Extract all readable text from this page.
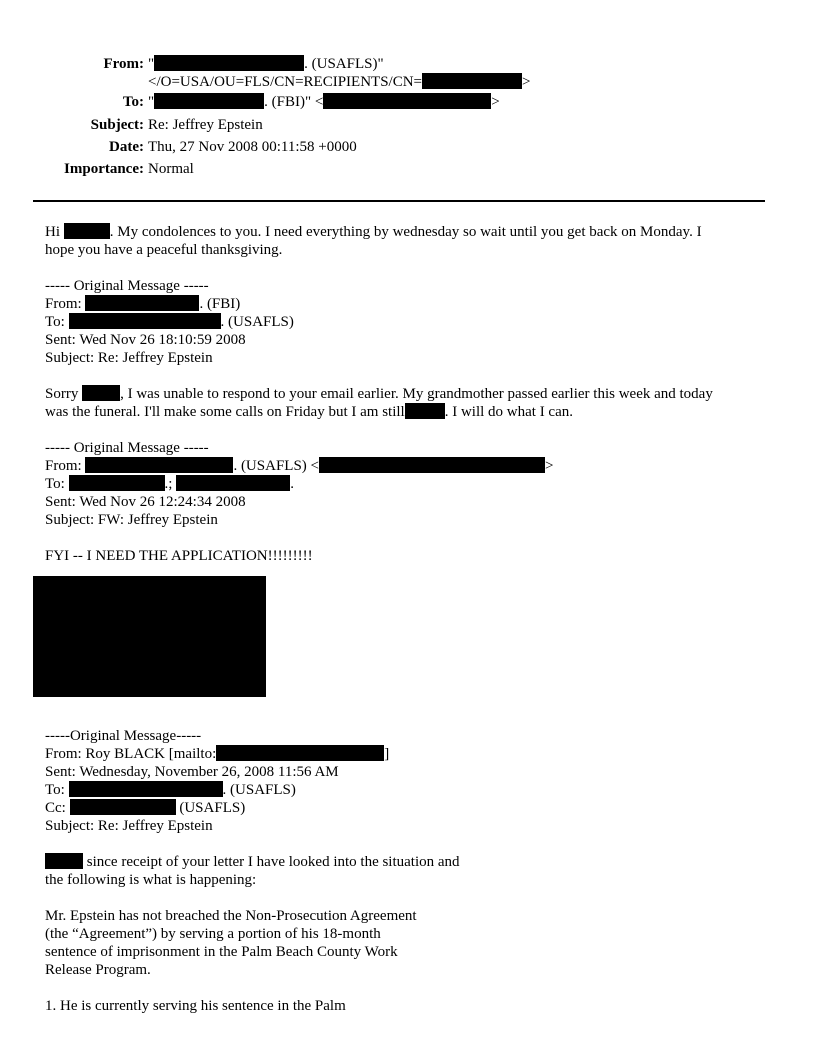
From: "	. (USAFLS)"
</O=USA/OU=FLS/CN=RECIPIENTS/CN=	>
To: "	. (FBI)" <	>
Subject: Re: Jeffrey Epstein
Date: Thu, 27 Nov 2008 00:11:58 +0000
Importance: Normal
Hi	. My condolences to you. I need everything by wednesday so wait until you get back on Monday. I
hope you have a peaceful thanksgiving.
----- Original Message -----
From:	. (FBI)
To:	. (USAFLS)
Sent: Wed Nov 26 18:10:59 2008
Subject: Re: Jeffrey Epstein
Sorry	, I was unable to respond to your email earlier. My grandmother passed earlier this week and today
was the funeral. I'll make some calls on Friday but I am still	. I will do what I can.
----- Original Message -----
From:	. (USAFLS) <	>
To:	.;	.
Sent: Wed Nov 26 12:24:34 2008
Subject: FW: Jeffrey Epstein
FYI -- I NEED THE APPLICATION!!!!!!!!!
-----Original Message-----
From: Roy BLACK [mailto:	]
Sent: Wednesday, November 26, 2008 11:56 AM
To:	. (USAFLS)
Cc:	(USAFLS)
Subject: Re: Jeffrey Epstein
since receipt of your letter I have looked into the situation and
the following is what is happening:
Mr. Epstein has not breached the Non-Prosecution Agreement
(the “Agreement”) by serving a portion of his 18-month
sentence of imprisonment in the Palm Beach County Work
Release Program.
1. He is currently serving his sentence in the Palm
